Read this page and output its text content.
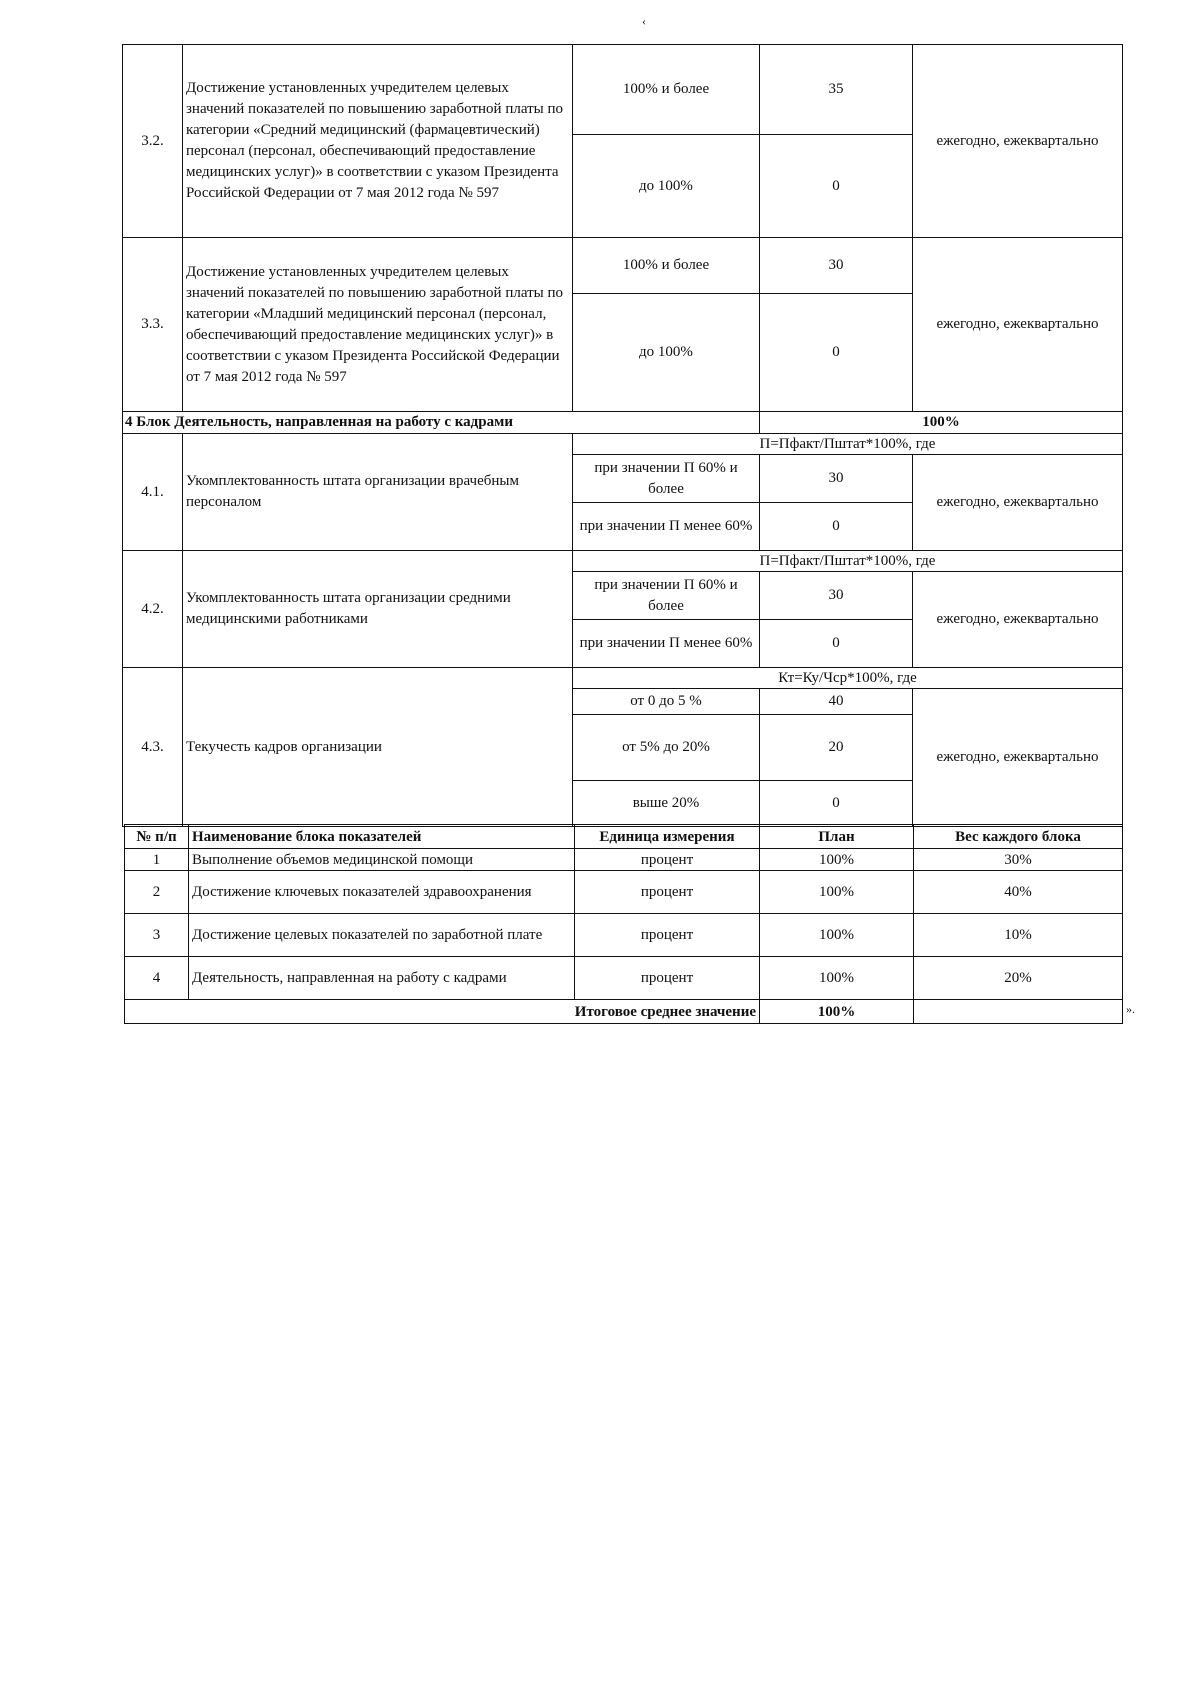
‹
3.2.	Достижение установленных учредителем целевых значений показателей по повышению заработной платы по категории «Средний медицинский (фармацевтический) персонал (персонал, обеспечивающий предоставление медицинских услуг)» в соответствии с указом Президента Российской Федерации от 7 мая 2012 года № 597	100% и более	35	ежегодно, ежеквартально
		до 100%	0	
3.3.	Достижение установленных учредителем целевых значений показателей по повышению заработной платы по категории «Младший медицинский персонал (персонал, обеспечивающий предоставление медицинских услуг)» в соответствии с указом Президента Российской Федерации от 7 мая 2012 года № 597	100% и более	30	ежегодно, ежеквартально
		до 100%	0	
4 Блок Деятельность, направленная на работу с кадрами			100%	
4.1.	Укомплектованность штата организации врачебным персоналом	П=Пфакт/Пштат*100%, где		
		при значении П 60% и более	30	ежегодно, ежеквартально
		при значении П менее 60%	0	
4.2.	Укомплектованность штата организации средними медицинскими работниками	П=Пфакт/Пштат*100%, где		
		при значении П 60% и более	30	ежегодно, ежеквартально
		при значении П менее 60%	0	
4.3.	Текучесть кадров организации	Кт=Ку/Чср*100%, где		
		от 0 до 5 %	40	ежегодно, ежеквартально
		от 5% до 20%	20	
		выше 20%	0	
№ п/п	Наименование блока показателей	Единица измерения	План	Вес каждого блока
1	Выполнение объемов медицинской помощи	процент	100%	30%
2	Достижение ключевых показателей здравоохранения	процент	100%	40%
3	Достижение целевых показателей по заработной плате	процент	100%	10%
4	Деятельность, направленная на работу с кадрами	процент	100%	20%
Итоговое среднее значение			100%		».
